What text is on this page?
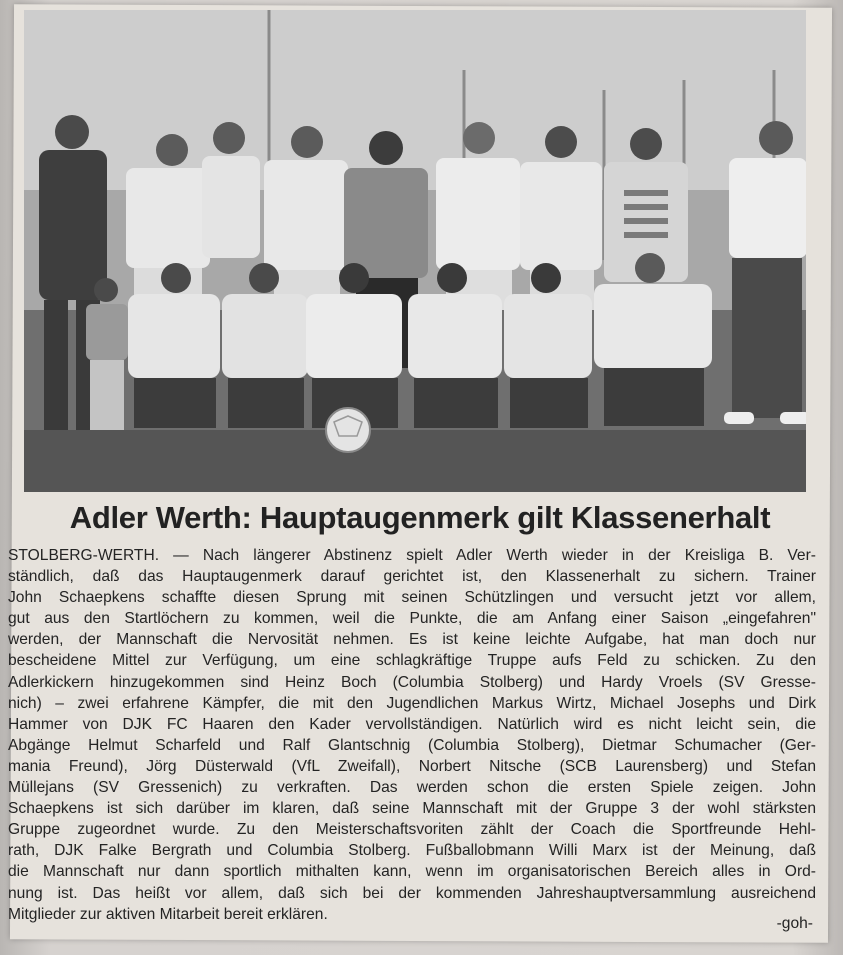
Adler Werth: Hauptaugenmerk gilt Klassenerhalt
STOLBERG-WERTH. — Nach längerer Abstinenz spielt Adler Werth wieder in der Kreisliga B. Ver-
ständlich, daß das Hauptaugenmerk darauf gerichtet ist, den Klassenerhalt zu sichern. Trainer
John Schaepkens schaffte diesen Sprung mit seinen Schützlingen und versucht jetzt vor allem,
gut aus den Startlöchern zu kommen, weil die Punkte, die am Anfang einer Saison „eingefahren"
werden, der Mannschaft die Nervosität nehmen. Es ist keine leichte Aufgabe, hat man doch nur
bescheidene Mittel zur Verfügung, um eine schlagkräftige Truppe aufs Feld zu schicken. Zu den
Adlerkickern hinzugekommen sind Heinz Boch (Columbia Stolberg) und Hardy Vroels (SV Gresse-
nich) – zwei erfahrene Kämpfer, die mit den Jugendlichen Markus Wirtz, Michael Josephs und Dirk
Hammer von DJK FC Haaren den Kader vervollständigen. Natürlich wird es nicht leicht sein, die
Abgänge Helmut Scharfeld und Ralf Glantschnig (Columbia Stolberg), Dietmar Schumacher (Ger-
mania Freund), Jörg Düsterwald (VfL Zweifall), Norbert Nitsche (SCB Laurensberg) und Stefan
Müllejans (SV Gressenich) zu verkraften. Das werden schon die ersten Spiele zeigen. John
Schaepkens ist sich darüber im klaren, daß seine Mannschaft mit der Gruppe 3 der wohl stärksten
Gruppe zugeordnet wurde. Zu den Meisterschaftsvoriten zählt der Coach die Sportfreunde Hehl-
rath, DJK Falke Bergrath und Columbia Stolberg. Fußballobmann Willi Marx ist der Meinung, daß
die Mannschaft nur dann sportlich mithalten kann, wenn im organisatorischen Bereich alles in Ord-
nung ist. Das heißt vor allem, daß sich bei der kommenden Jahreshauptversammlung ausreichend
Mitglieder zur aktiven Mitarbeit bereit erklären.
-goh-
